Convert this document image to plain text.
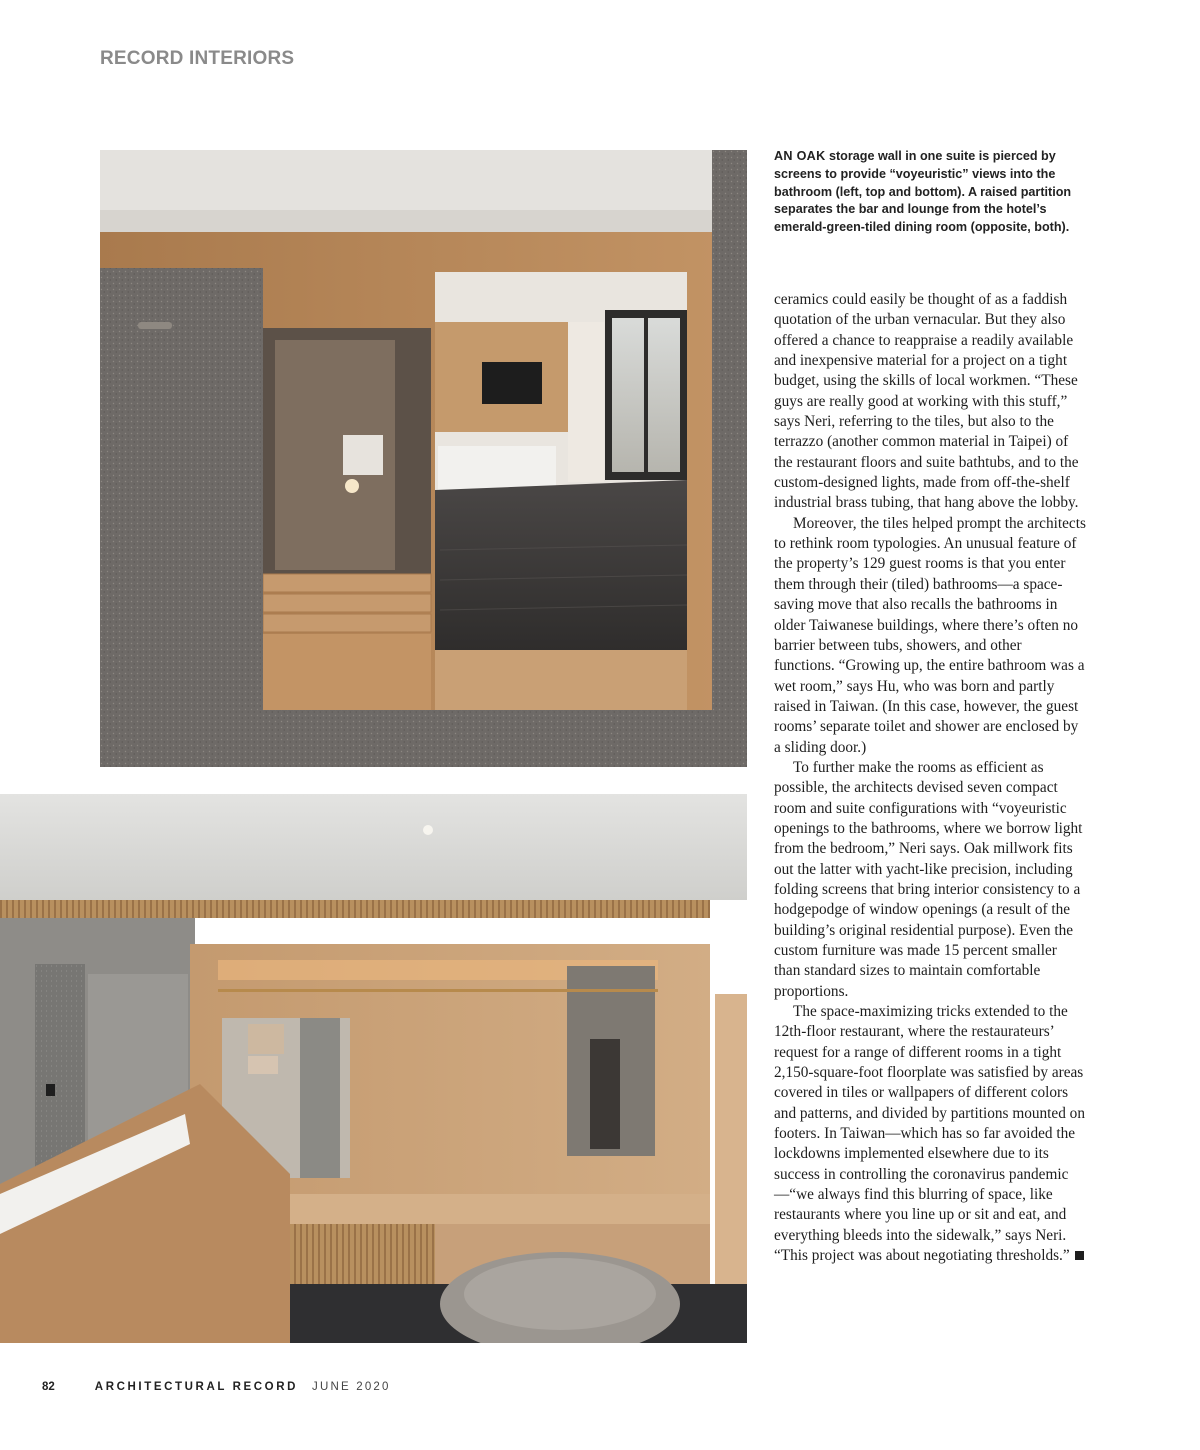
RECORD INTERIORS
AN OAK storage wall in one suite is pierced by screens to provide “voyeuristic” views into the bathroom (left, top and bottom). A raised partition separates the bar and lounge from the hotel’s emerald-green-tiled dining room (opposite, both).

ceramics could easily be thought of as a faddish quotation of the urban vernacular. But they also offered a chance to reappraise a readily available and inexpensive material for a project on a tight budget, using the skills of local workmen. “These guys are really good at working with this stuff,” says Neri, referring to the tiles, but also to the terrazzo (another common material in Taipei) of the restaurant floors and suite bathtubs, and to the custom-designed lights, made from off-the-shelf industrial brass tubing, that hang above the lobby.

Moreover, the tiles helped prompt the architects to rethink room typologies. An unusual feature of the property’s 129 guest rooms is that you enter them through their (tiled) bathrooms—a space-saving move that also recalls the bathrooms in older Taiwanese buildings, where there’s often no barrier between tubs, showers, and other functions. “Growing up, the entire bathroom was a wet room,” says Hu, who was born and partly raised in Taiwan. (In this case, however, the guest rooms’ separate toilet and shower are enclosed by a sliding door.)

To further make the rooms as efficient as possible, the architects devised seven compact room and suite configurations with “voyeuristic openings to the bathrooms, where we borrow light from the bedroom,” Neri says. Oak millwork fits out the latter with yacht-like precision, including folding screens that bring interior consistency to a hodgepodge of window openings (a result of the building’s original residential purpose). Even the custom furniture was made 15 percent smaller than standard sizes to maintain comfortable proportions.

The space-maximizing tricks extended to the 12th-floor restaurant, where the restaurateurs’ request for a range of different rooms in a tight 2,150-square-foot floorplate was satisfied by areas covered in tiles or wallpapers of different colors and patterns, and divided by partitions mounted on footers. In Taiwan—which has so far avoided the lockdowns implemented elsewhere due to its success in controlling the coronavirus pandemic—“we always find this blurring of space, like restaurants where you line up or sit and eat, and everything bleeds into the sidewalk,” says Neri. “This project was about negotiating thresholds.”

82	ARCHITECTURAL RECORD JUNE 2020
